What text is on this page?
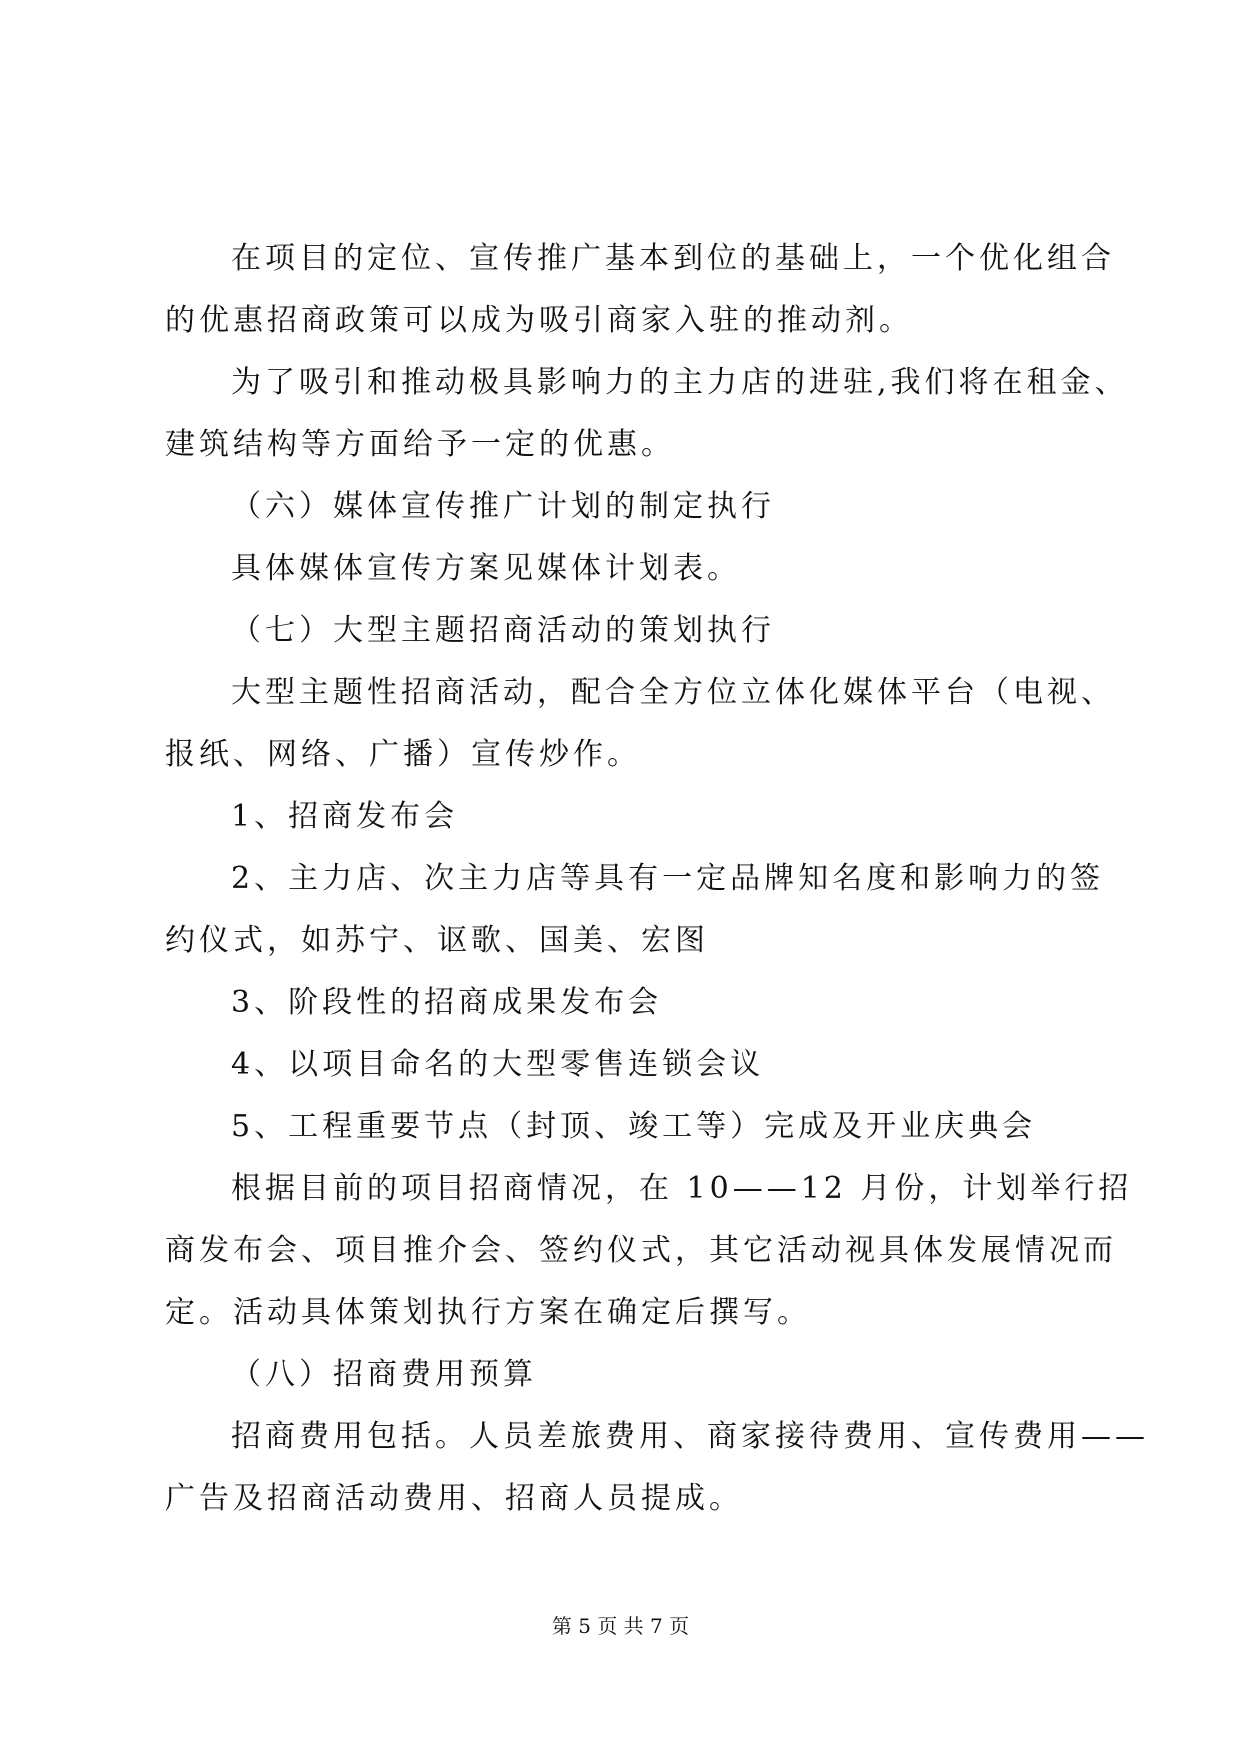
在项目的定位、宣传推广基本到位的基础上，一个优化组合
的优惠招商政策可以成为吸引商家入驻的推动剂。
为了吸引和推动极具影响力的主力店的进驻,我们将在租金、
建筑结构等方面给予一定的优惠。
（六）媒体宣传推广计划的制定执行
具体媒体宣传方案见媒体计划表。
（七）大型主题招商活动的策划执行
大型主题性招商活动，配合全方位立体化媒体平台（电视、
报纸、网络、广播）宣传炒作。
1、招商发布会
2、主力店、次主力店等具有一定品牌知名度和影响力的签
约仪式，如苏宁、讴歌、国美、宏图
3、阶段性的招商成果发布会
4、以项目命名的大型零售连锁会议
5、工程重要节点（封顶、竣工等）完成及开业庆典会
根据目前的项目招商情况，在 10——12 月份，计划举行招
商发布会、项目推介会、签约仪式，其它活动视具体发展情况而
定。活动具体策划执行方案在确定后撰写。
（八）招商费用预算
招商费用包括。人员差旅费用、商家接待费用、宣传费用——
广告及招商活动费用、招商人员提成。
第 5 页 共 7 页
